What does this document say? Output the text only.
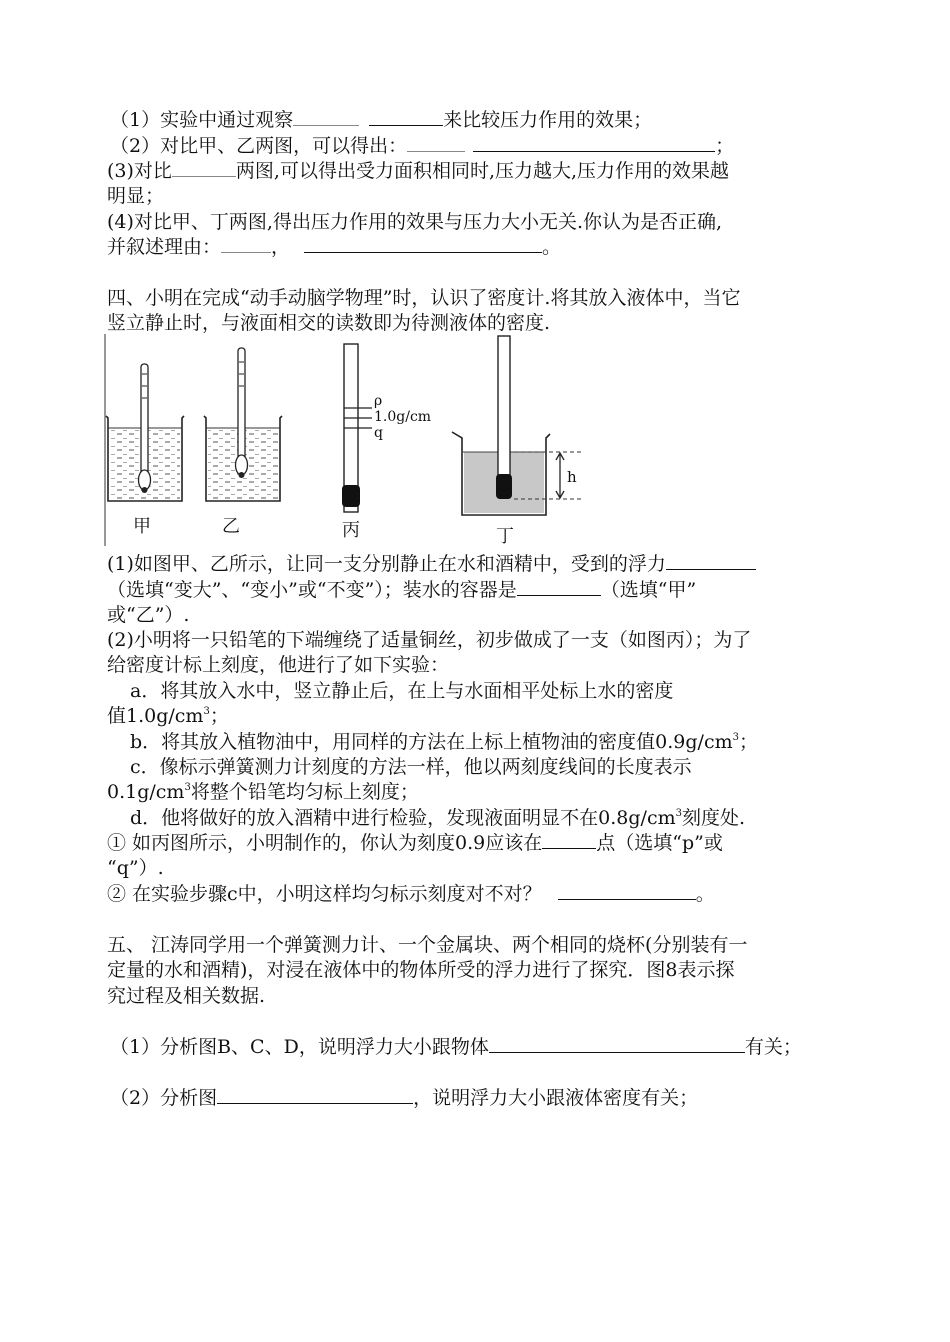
（1）实验中通过观察	来比较压力作用的效果；
（2）对比甲、乙两图，可以得出：	；
(3)对比	两图,可以得出受力面积相同时,压力越大,压力作用的效果越
明显；
(4)对比甲、丁两图,得出压力作用的效果与压力大小无关.你认为是否正确,
并叙述理由：	，	。
四、小明在完成“动手动脑学物理”时，认识了密度计.将其放入液体中，当它
竖立静止时，与液面相交的读数即为待测液体的密度.
甲	乙
ρ
1.0g/cm
q
丙
h
丁
(1)如图甲、乙所示，让同一支分别静止在水和酒精中，受到的浮力
（选填“变大”、“变小”或“不变”）；装水的容器是	（选填“甲”
或“乙”）.
(2)小明将一只铅笔的下端缠绕了适量铜丝，初步做成了一支（如图丙）；为了
给密度计标上刻度，他进行了如下实验：
a．将其放入水中，竖立静止后，在上与水面相平处标上水的密度
值$1.0g/cm^3$；
b．将其放入植物油中，用同样的方法在上标上植物油的密度值$0.9g/cm^3$；
c．像标示弹簧测力计刻度的方法一样，他以两刻度线间的长度表示
$0.1g/cm^3$将整个铅笔均匀标上刻度；
d．他将做好的放入酒精中进行检验，发现液面明显不在$0.8g/cm^3$刻度处.
① 如丙图所示，小明制作的，你认为刻度0.9应该在	点（选填“p”或
“q”）.
② 在实验步骤c中，小明这样均匀标示刻度对不对？	。
五、 江涛同学用一个弹簧测力计、一个金属块、两个相同的烧杯(分别装有一
定量的水和酒精)，对浸在液体中的物体所受的浮力进行了探究．图8表示探
究过程及相关数据.
（1）分析图B、C、D，说明浮力大小跟物体	有关；
（2）分析图	，说明浮力大小跟液体密度有关；
